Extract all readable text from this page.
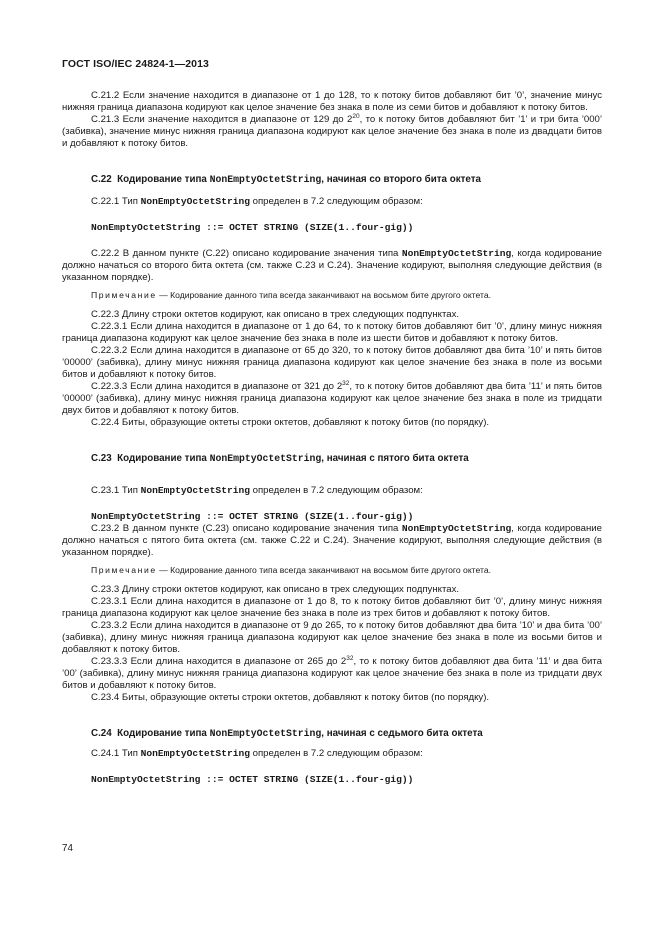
ГОСТ ISO/IEC 24824-1—2013

C.21.2 Если значение находится в диапазоне от 1 до 128, то к потоку битов добавляют бит ’0’, значение минус нижняя граница диапазона кодируют как целое значение без знака в поле из семи битов и добавляют к потоку битов.

C.21.3 Если значение находится в диапазоне от 129 до $2^{20}$, то к потоку битов добавляют бит ’1’ и три бита ’000’ (забивка), значение минус нижняя граница диапазона кодируют как целое значение без знака в поле из двадцати битов и добавляют к потоку битов.

C.22 Кодирование типа NonEmptyOctetString, начиная со второго бита октета

C.22.1 Тип NonEmptyOctetString определен в 7.2 следующим образом:

NonEmptyOctetString ::= OCTET STRING (SIZE(1..four-gig))

C.22.2 В данном пункте (C.22) описано кодирование значения типа NonEmptyOctetString, когда кодирование должно начаться со второго бита октета (см. также C.23 и C.24). Значение кодируют, выполняя следующие действия (в указанном порядке).

Примечание — Кодирование данного типа всегда заканчивают на восьмом бите другого октета.

C.22.3 Длину строки октетов кодируют, как описано в трех следующих подпунктах.

C.22.3.1 Если длина находится в диапазоне от 1 до 64, то к потоку битов добавляют бит ’0’, длину минус нижняя граница диапазона кодируют как целое значение без знака в поле из шести битов и добавляют к потоку битов.

C.22.3.2 Если длина находится в диапазоне от 65 до 320, то к потоку битов добавляют два бита ’10’ и пять битов ’00000’ (забивка), длину минус нижняя граница диапазона кодируют как целое значение без знака в поле из восьми битов и добавляют к потоку битов.

C.22.3.3 Если длина находится в диапазоне от 321 до $2^{32}$, то к потоку битов добавляют два бита ’11’ и пять битов ’00000’ (забивка), длину минус нижняя граница диапазона кодируют как целое значение без знака в поле из тридцати двух битов и добавляют к потоку битов.

C.22.4 Биты, образующие октеты строки октетов, добавляют к потоку битов (по порядку).

C.23 Кодирование типа NonEmptyOctetString, начиная с пятого бита октета

C.23.1 Тип NonEmptyOctetString определен в 7.2 следующим образом:

NonEmptyOctetString ::= OCTET STRING (SIZE(1..four-gig))

C.23.2 В данном пункте (C.23) описано кодирование значения типа NonEmptyOctetString, когда кодирование должно начаться с пятого бита октета (см. также C.22 и C.24). Значение кодируют, выполняя следующие действия (в указанном порядке).

Примечание — Кодирование данного типа всегда заканчивают на восьмом бите другого октета.

C.23.3 Длину строки октетов кодируют, как описано в трех следующих подпунктах.

C.23.3.1 Если длина находится в диапазоне от 1 до 8, то к потоку битов добавляют бит ’0’, длину минус нижняя граница диапазона кодируют как целое значение без знака в поле из трех битов и добавляют к потоку битов.

C.23.3.2 Если длина находится в диапазоне от 9 до 265, то к потоку битов добавляют два бита ’10’ и два бита ’00’ (забивка), длину минус нижняя граница диапазона кодируют как целое значение без знака в поле из восьми битов и добавляют к потоку битов.

C.23.3.3 Если длина находится в диапазоне от 265 до $2^{32}$, то к потоку битов добавляют два бита ’11’ и два бита ’00’ (забивка), длину минус нижняя граница диапазона кодируют как целое значение без знака в поле из тридцати двух битов и добавляют к потоку битов.

C.23.4 Биты, образующие октеты строки октетов, добавляют к потоку битов (по порядку).

C.24 Кодирование типа NonEmptyOctetString, начиная с седьмого бита октета

C.24.1 Тип NonEmptyOctetString определен в 7.2 следующим образом:

NonEmptyOctetString ::= OCTET STRING (SIZE(1..four-gig))

74
